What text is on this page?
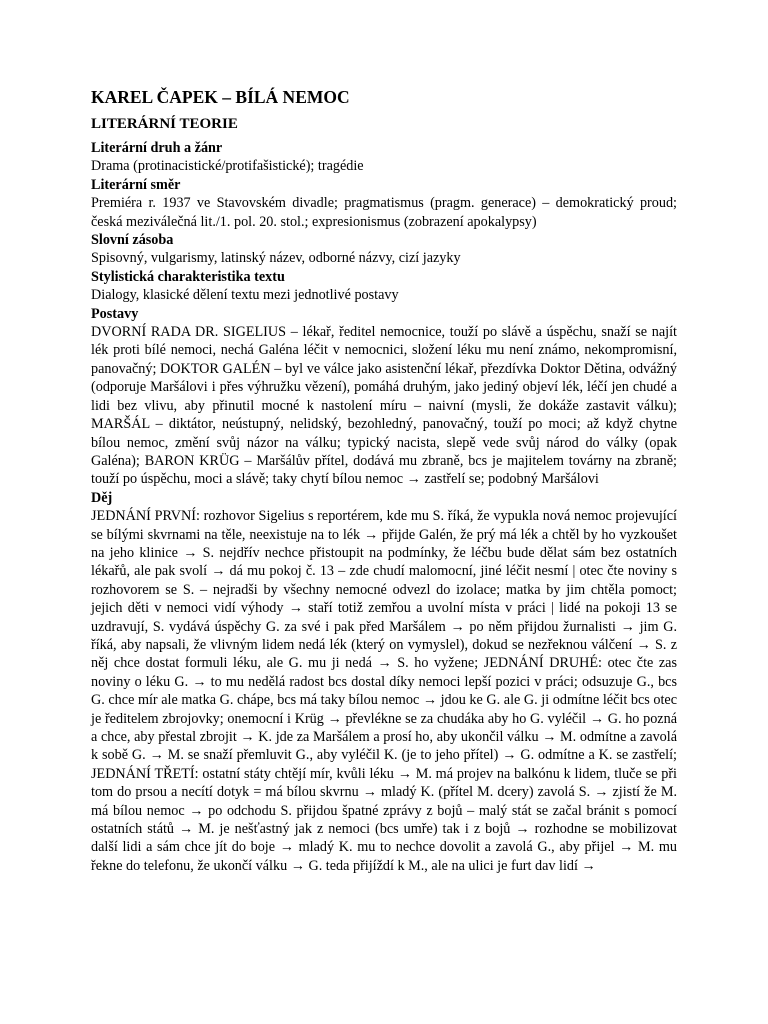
KAREL ČAPEK – BÍLÁ NEMOC
LITERÁRNÍ TEORIE

Literární druh a žánr

Drama (protinacistické/protifašistické); tragédie

Literární směr

Premiéra r. 1937 ve Stavovském divadle; pragmatismus (pragm. generace) – demokratický proud; česká meziválečná lit./1. pol. 20. stol.; expresionismus (zobrazení apokalypsy)

Slovní zásoba

Spisovný, vulgarismy, latinský název, odborné názvy, cizí jazyky

Stylistická charakteristika textu

Dialogy, klasické dělení textu mezi jednotlivé postavy

Postavy

DVORNÍ RADA DR. SIGELIUS – lékař, ředitel nemocnice, touží po slávě a úspěchu, snaží se najít lék proti bílé nemoci, nechá Galéna léčit v nemocnici, složení léku mu není známo, nekompromisní, panovačný; DOKTOR GALÉN – byl ve válce jako asistenční lékař, přezdívka Doktor Dětina, odvážný (odporuje Maršálovi i přes výhružku vězení), pomáhá druhým, jako jediný objeví lék, léčí jen chudé a lidi bez vlivu, aby přinutil mocné k nastolení míru – naivní (mysli, že dokáže zastavit válku); MARŠÁL – diktátor, neústupný, nelidský, bezohledný, panovačný, touží po moci; až když chytne bílou nemoc, změní svůj názor na válku; typický nacista, slepě vede svůj národ do války (opak Galéna); BARON KRÜG – Maršálův přítel, dodává mu zbraně, bcs je majitelem továrny na zbraně; touží po úspěchu, moci a slávě; taky chytí bílou nemoc → zastřelí se; podobný Maršálovi

Děj

JEDNÁNÍ PRVNÍ: rozhovor Sigelius s reportérem, kde mu S. říká, že vypukla nová nemoc projevující se bílými skvrnami na těle, neexistuje na to lék → přijde Galén, že prý má lék a chtěl by ho vyzkoušet na jeho klinice → S. nejdřív nechce přistoupit na podmínky, že léčbu bude dělat sám bez ostatních lékařů, ale pak svolí → dá mu pokoj č. 13 – zde chudí malomocní, jiné léčit nesmí | otec čte noviny s rozhovorem se S. – nejradši by všechny nemocné odvezl do izolace; matka by jim chtěla pomoct; jejich děti v nemoci vidí výhody → staří totiž zemřou a uvolní místa v práci | lidé na pokoji 13 se uzdravují, S. vydává úspěchy G. za své i pak před Maršálem → po něm přijdou žurnalisti → jim G. říká, aby napsali, že vlivným lidem nedá lék (který on vymyslel), dokud se nezřeknou válčení → S. z něj chce dostat formuli léku, ale G. mu ji nedá → S. ho vyžene; JEDNÁNÍ DRUHÉ: otec čte zas noviny o léku G. → to mu nedělá radost bcs dostal díky nemoci lepší pozici v práci; odsuzuje G., bcs G. chce mír ale matka G. chápe, bcs má taky bílou nemoc → jdou ke G. ale G. ji odmítne léčit bcs otec je ředitelem zbrojovky; onemocní i Krüg → převlékne se za chudáka aby ho G. vyléčil → G. ho pozná a chce, aby přestal zbrojit → K. jde za Maršálem a prosí ho, aby ukončil válku → M. odmítne a zavolá k sobě G. → M. se snaží přemluvit G., aby vyléčil K. (je to jeho přítel) → G. odmítne a K. se zastřelí; JEDNÁNÍ TŘETÍ: ostatní státy chtějí mír, kvůli léku → M. má projev na balkónu k lidem, tluče se při tom do prsou a necítí dotyk = má bílou skvrnu → mladý K. (přítel M. dcery) zavolá S. → zjistí že M. má bílou nemoc → po odchodu S. přijdou špatné zprávy z bojů – malý stát se začal bránit s pomocí ostatních států → M. je nešťastný jak z nemoci (bcs umře) tak i z bojů → rozhodne se mobilizovat další lidi a sám chce jít do boje → mladý K. mu to nechce dovolit a zavolá G., aby přijel → M. mu řekne do telefonu, že ukončí válku → G. teda přijíždí k M., ale na ulici je furt dav lidí →
